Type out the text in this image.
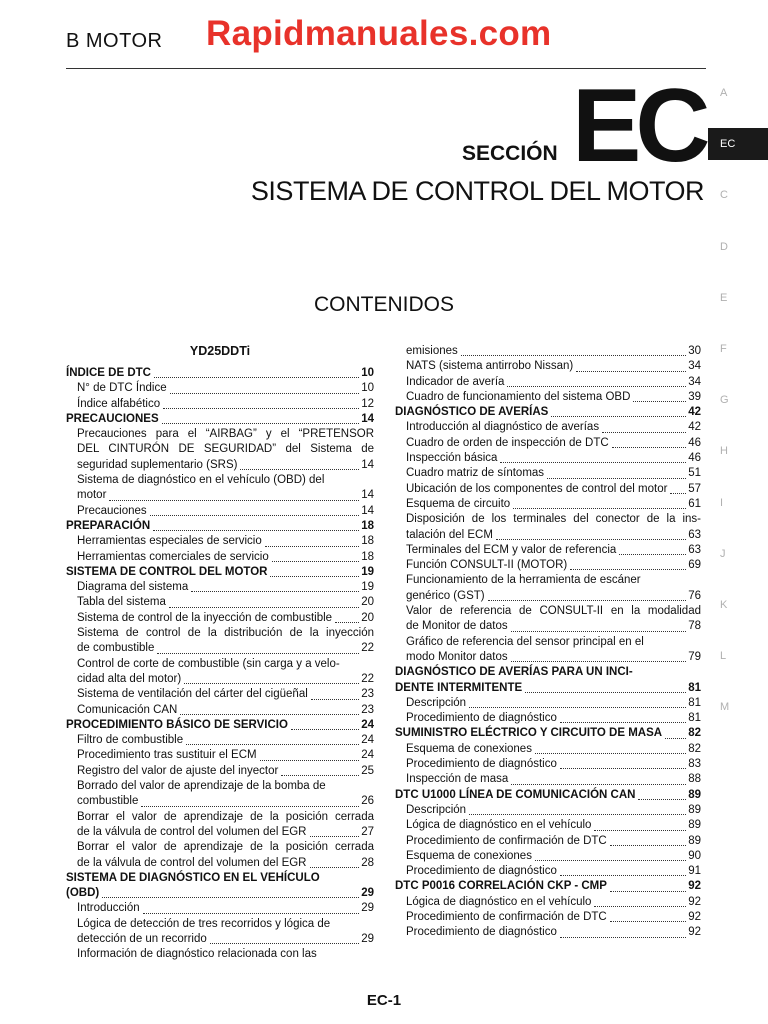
B MOTOR Rapidmanuales.com
SECCIÓN EC
SISTEMA DE CONTROL DEL MOTOR
CONTENIDOS
A
EC
C
D
E
F
G
H
I
J
K
L
M
YD25DDTi
ÍNDICE DE DTC	10
N° de DTC Índice	10
Índice alfabético	12
PRECAUCIONES	14
Precauciones para el “AIRBAG” y el “PRETENSOR
DEL CINTURÓN DE SEGURIDAD” del Sistema de
seguridad suplementario (SRS)	14
Sistema de diagnóstico en el vehículo (OBD) del
motor	14
Precauciones	14
PREPARACIÓN	18
Herramientas especiales de servicio	18
Herramientas comerciales de servicio	18
SISTEMA DE CONTROL DEL MOTOR	19
Diagrama del sistema	19
Tabla del sistema	20
Sistema de control de la inyección de combustible	20
Sistema de control de la distribución de la inyección
de combustible	22
Control de corte de combustible (sin carga y a velo-
cidad alta del motor)	22
Sistema de ventilación del cárter del cigüeñal	23
Comunicación CAN	23
PROCEDIMIENTO BÁSICO DE SERVICIO	24
Filtro de combustible	24
Procedimiento tras sustituir el ECM	24
Registro del valor de ajuste del inyector	25
Borrado del valor de aprendizaje de la bomba de
combustible	26
Borrar el valor de aprendizaje de la posición cerrada
de la válvula de control del volumen del EGR	27
Borrar el valor de aprendizaje de la posición cerrada
de la válvula de control del volumen del EGR	28
SISTEMA DE DIAGNÓSTICO EN EL VEHÍCULO
(OBD)	29
Introducción	29
Lógica de detección de tres recorridos y lógica de
detección de un recorrido	29
Información de diagnóstico relacionada con las
emisiones	30
NATS (sistema antirrobo Nissan)	34
Indicador de avería	34
Cuadro de funcionamiento del sistema OBD	39
DIAGNÓSTICO DE AVERÍAS	42
Introducción al diagnóstico de averías	42
Cuadro de orden de inspección de DTC	46
Inspección básica	46
Cuadro matriz de síntomas	51
Ubicación de los componentes de control del motor 57
Esquema de circuito	61
Disposición de los terminales del conector de la ins-
talación del ECM	63
Terminales del ECM y valor de referencia	63
Función CONSULT-II (MOTOR)	69
Funcionamiento de la herramienta de escáner
genérico (GST)	76
Valor de referencia de CONSULT-II en la modalidad
de Monitor de datos	78
Gráfico de referencia del sensor principal en el
modo Monitor datos	79
DIAGNÓSTICO DE AVERÍAS PARA UN INCI-
DENTE INTERMITENTE	81
Descripción	81
Procedimiento de diagnóstico	81
SUMINISTRO ELÉCTRICO Y CIRCUITO DE MASA 82
Esquema de conexiones	82
Procedimiento de diagnóstico	83
Inspección de masa	88
DTC U1000 LÍNEA DE COMUNICACIÓN CAN	89
Descripción	89
Lógica de diagnóstico en el vehículo	89
Procedimiento de confirmación de DTC	89
Esquema de conexiones	90
Procedimiento de diagnóstico	91
DTC P0016 CORRELACIÓN CKP - CMP	92
Lógica de diagnóstico en el vehículo	92
Procedimiento de confirmación de DTC	92
Procedimiento de diagnóstico	92
EC-1
